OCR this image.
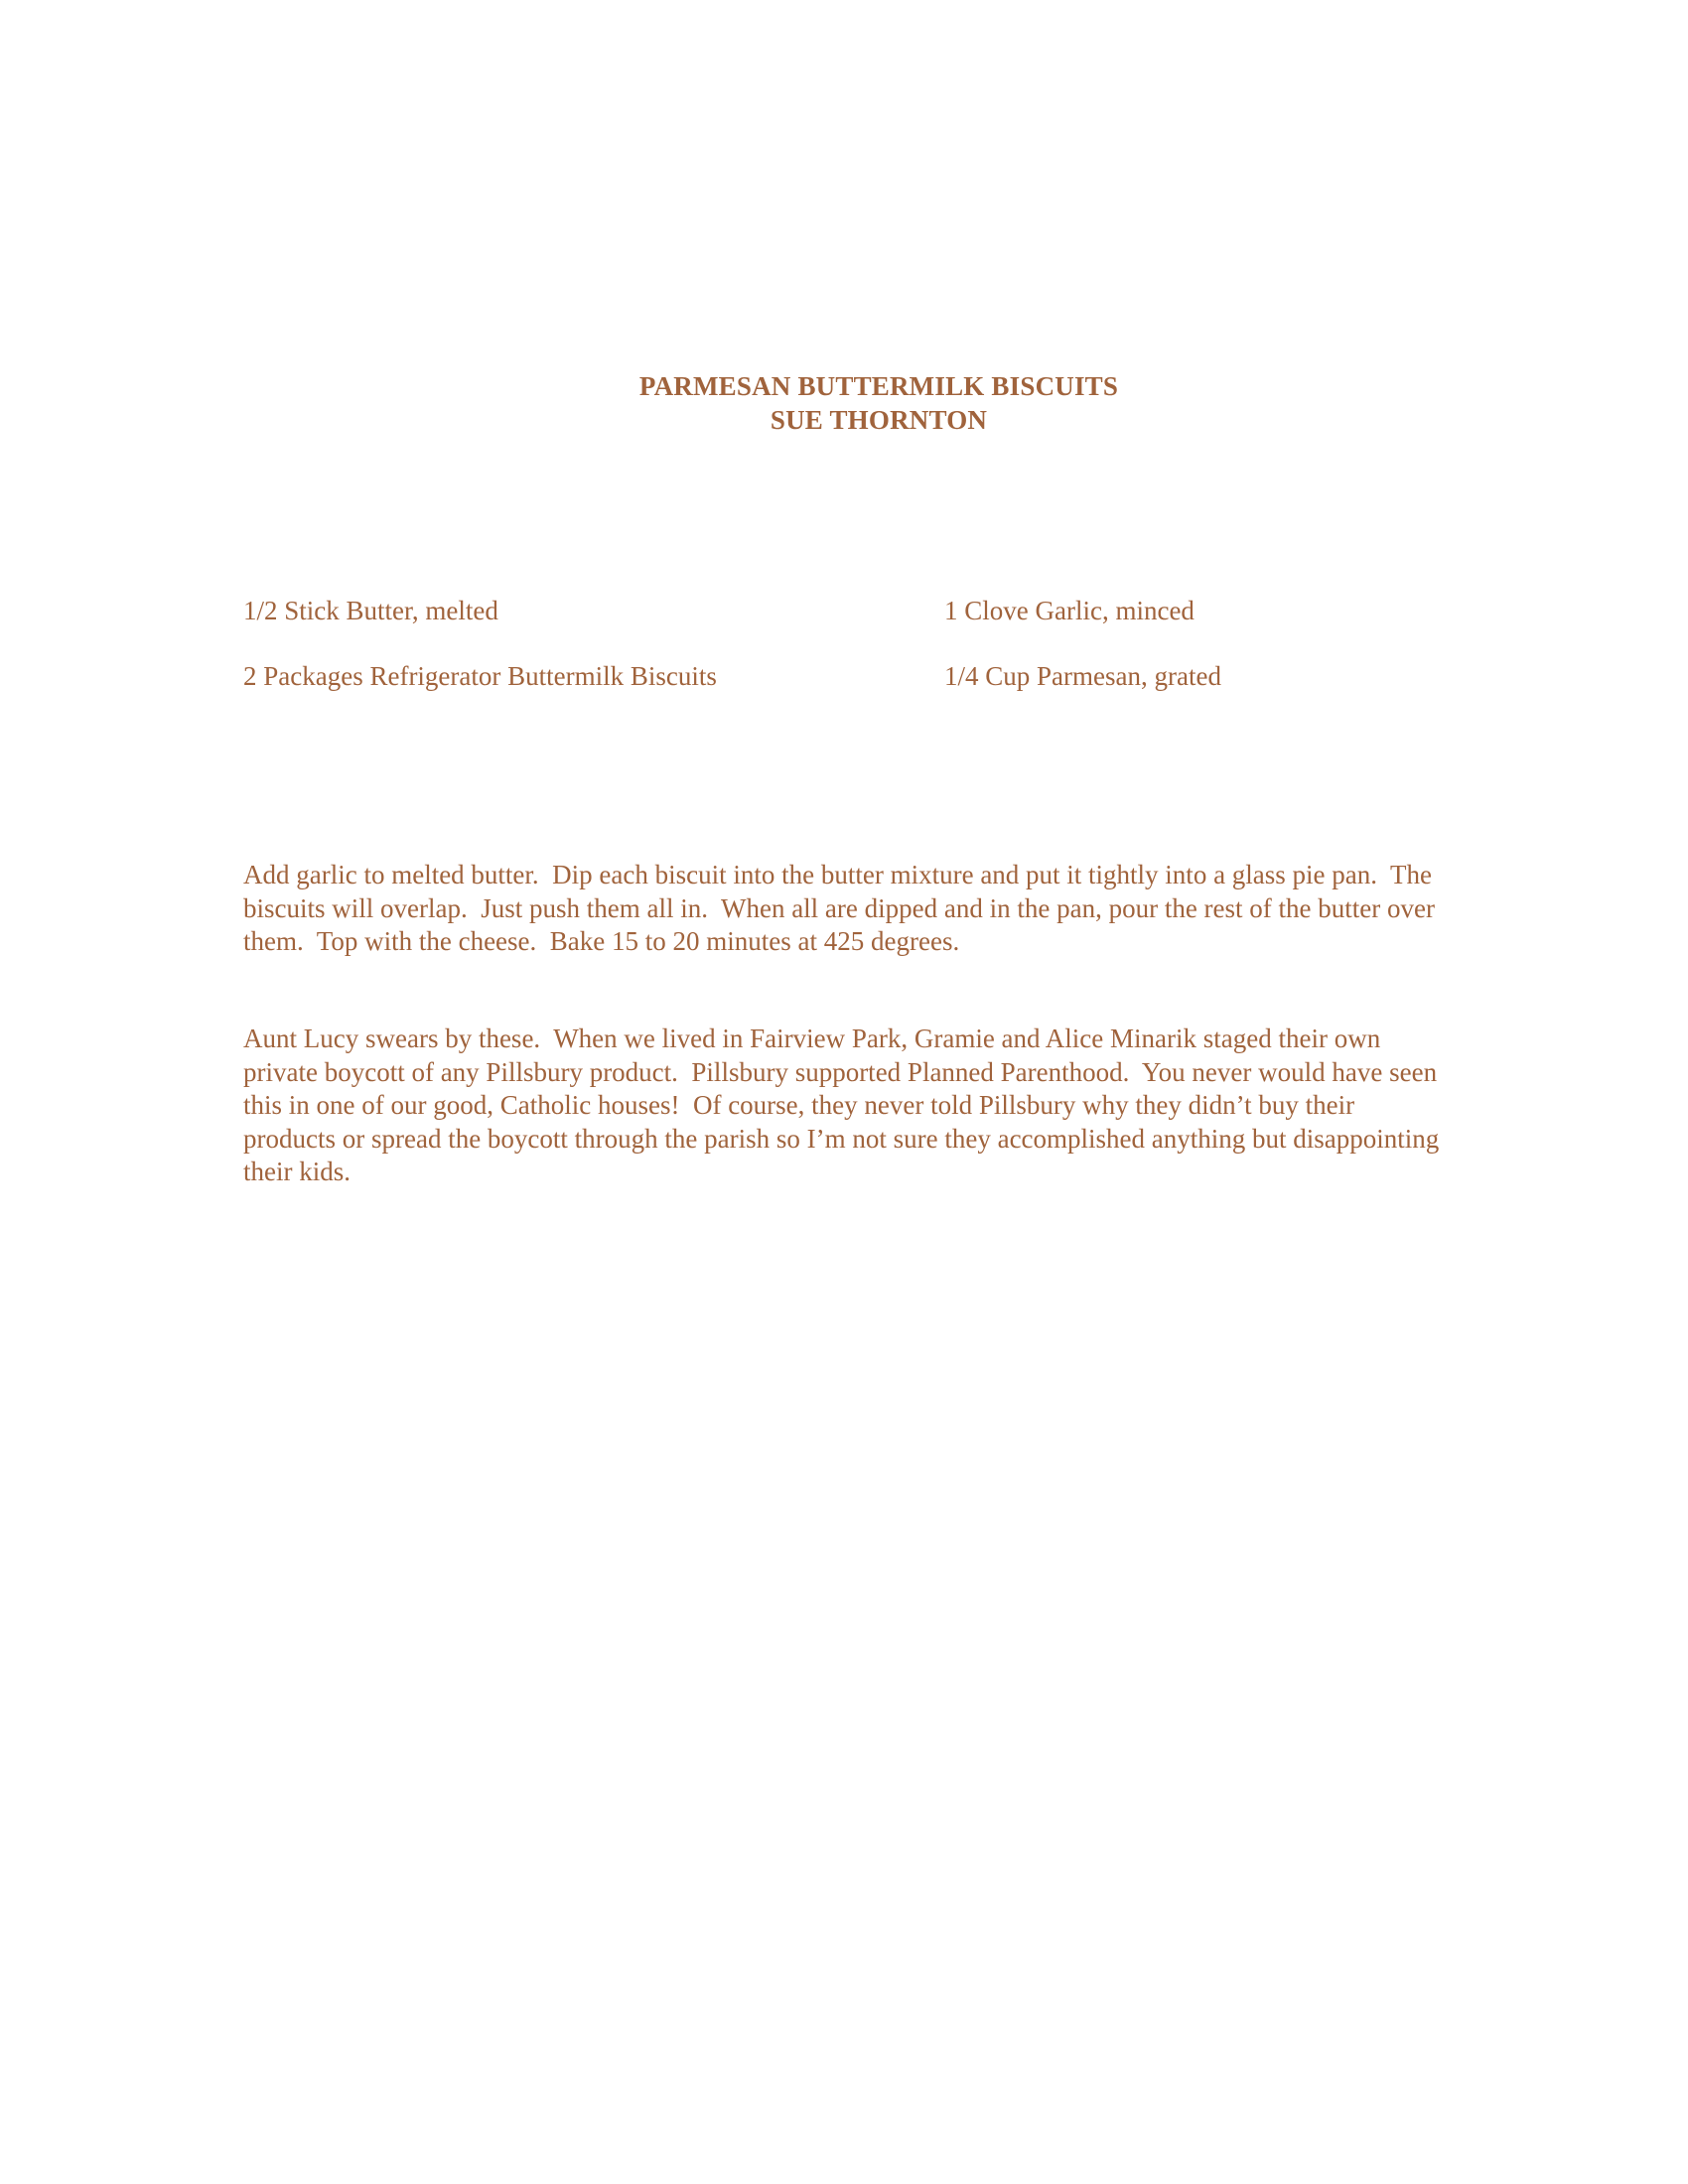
PARMESAN BUTTERMILK BISCUITS
SUE THORNTON
1/2 Stick Butter, melted	1 Clove Garlic, minced
2 Packages Refrigerator Buttermilk Biscuits	1/4 Cup Parmesan, grated

Add garlic to melted butter.  Dip each biscuit into the butter mixture and put it tightly into a glass pie pan.  The biscuits will overlap.  Just push them all in.  When all are dipped and in the pan, pour the rest of the butter over them.  Top with the cheese.  Bake 15 to 20 minutes at 425 degrees.

Aunt Lucy swears by these.  When we lived in Fairview Park, Gramie and Alice Minarik staged their own private boycott of any Pillsbury product.  Pillsbury supported Planned Parenthood.  You never would have seen this in one of our good, Catholic houses!  Of course, they never told Pillsbury why they didn’t buy their products or spread the boycott through the parish so I’m not sure they accomplished anything but disappointing their kids.
